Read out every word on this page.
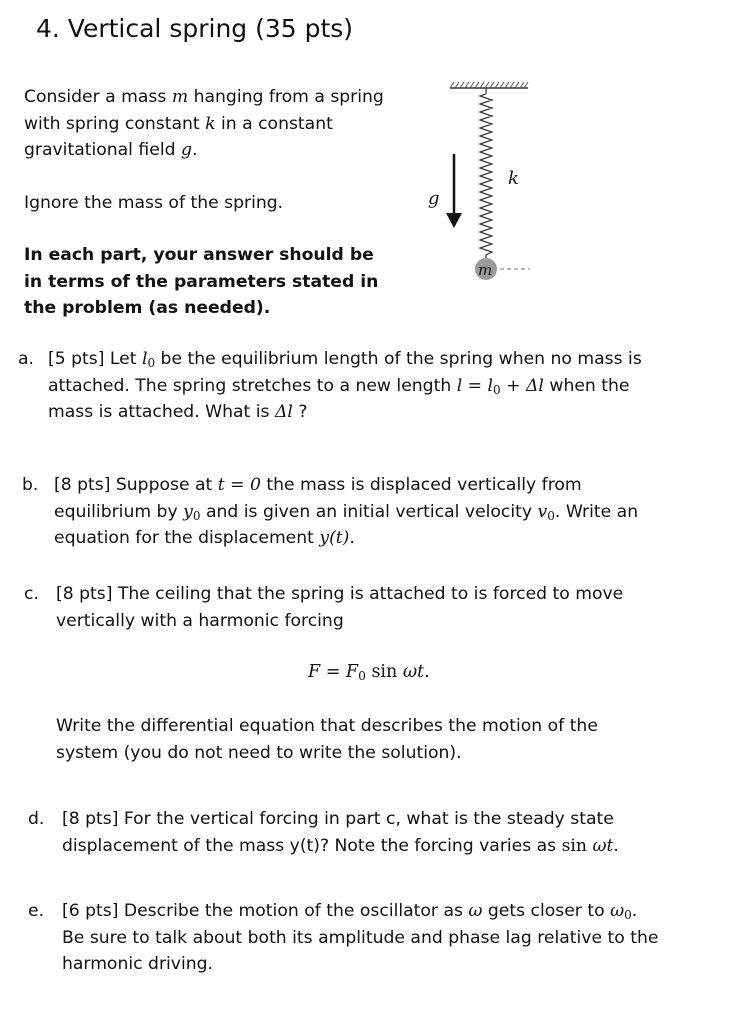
4. Vertical spring (35 pts)

Consider a mass m hanging from a spring with spring constant k in a constant gravitational field g.

Ignore the mass of the spring.

In each part, your answer should be in terms of the parameters stated in the problem (as needed).

k
g
m
a. [5 pts] Let $l_0$ be the equilibrium length of the spring when no mass is attached. The spring stretches to a new length $l = l_0 + \Delta l$ when the mass is attached. What is Δl ?
b. [8 pts] Suppose at t = 0 the mass is displaced vertically from equilibrium by $y_0$ and is given an initial vertical velocity $v_0$. Write an equation for the displacement y(t).
c. [8 pts] The ceiling that the spring is attached to is forced to move vertically with a harmonic forcing
$F = F_0$ sin ωt.
Write the differential equation that describes the motion of the system (you do not need to write the solution).
d. [8 pts] For the vertical forcing in part c, what is the steady state displacement of the mass y(t)? Note the forcing varies as sin ωt.
e. [6 pts] Describe the motion of the oscillator as ω gets closer to $\omega_0$. Be sure to talk about both its amplitude and phase lag relative to the harmonic driving.
